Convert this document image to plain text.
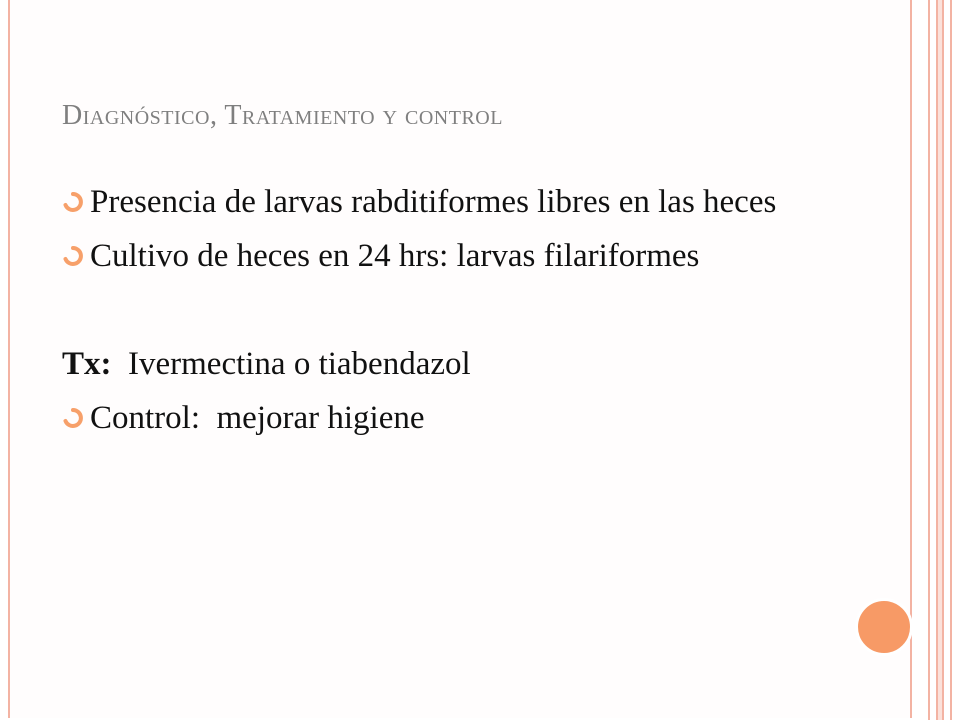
Diagnóstico, Tratamiento y control
Presencia de larvas rabditiformes libres en las heces
Cultivo de heces en 24 hrs: larvas filariformes
Tx:  Ivermectina o tiabendazol
Control:  mejorar higiene
